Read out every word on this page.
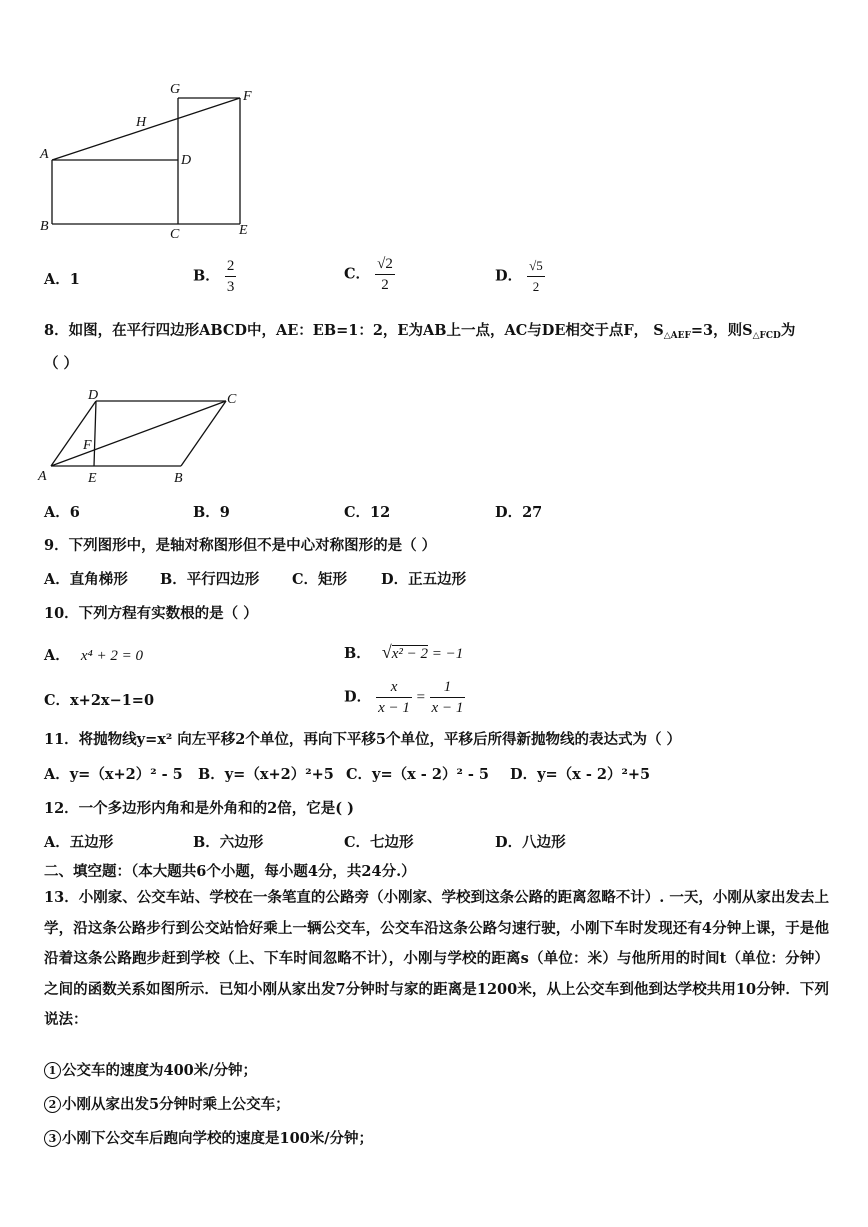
A
B
C
D
E
F
G
H
A．1	B． $\frac{2}{3}$	C． $\frac{√2}{2}$	D． $\frac{√5}{2}$
8．如图，在平行四边形ABCD中，AE：EB=1：2，E为AB上一点，AC与DE相交于点F， $S_{\triangle AEF}=3$，则$S_{\triangle FCD}$为
（ ）
A	B
C
D
E
F
A．6	B．9	C．12	D．27
9．下列图形中，是轴对称图形但不是中心对称图形的是（ ）
A．直角梯形 B．平行四边形 C．矩形 D．正五边形
10．下列方程有实数根的是（ ）
A． x⁴ + 2 = 0	B． √x² − 2 = −1
C．x+2x−1=0	D． $\frac{x}{x - 1} = \frac{1}{x - 1}$
11．将抛物线y=x² 向左平移2个单位，再向下平移5个单位，平移后所得新抛物线的表达式为（ ）
A．y=（x+2）² - 5 B．y=（x+2）²+5 C．y=（x - 2）² - 5 D．y=（x - 2）²+5
12．一个多边形内角和是外角和的2倍，它是( )
A．五边形	B．六边形	C．七边形	D．八边形
二、填空题：（本大题共6个小题，每小题4分，共24分.）
13．小刚家、公交车站、学校在一条笔直的公路旁（小刚家、学校到这条公路的距离忽略不计）. 一天，小刚从家出发去上学，沿这条公路步行到公交站恰好乘上一辆公交车，公交车沿这条公路匀速行驶，小刚下车时发现还有4分钟上课，于是他沿着这条公路跑步赶到学校（上、下车时间忽略不计），小刚与学校的距离s（单位：米）与他所用的时间t（单位：分钟）之间的函数关系如图所示．已知小刚从家出发7分钟时与家的距离是1200米，从上公交车到他到达学校共用10分钟．下列说法：
1 公交车的速度为400米/分钟；
2 小刚从家出发5分钟时乘上公交车；
3 小刚下公交车后跑向学校的速度是100米/分钟；
